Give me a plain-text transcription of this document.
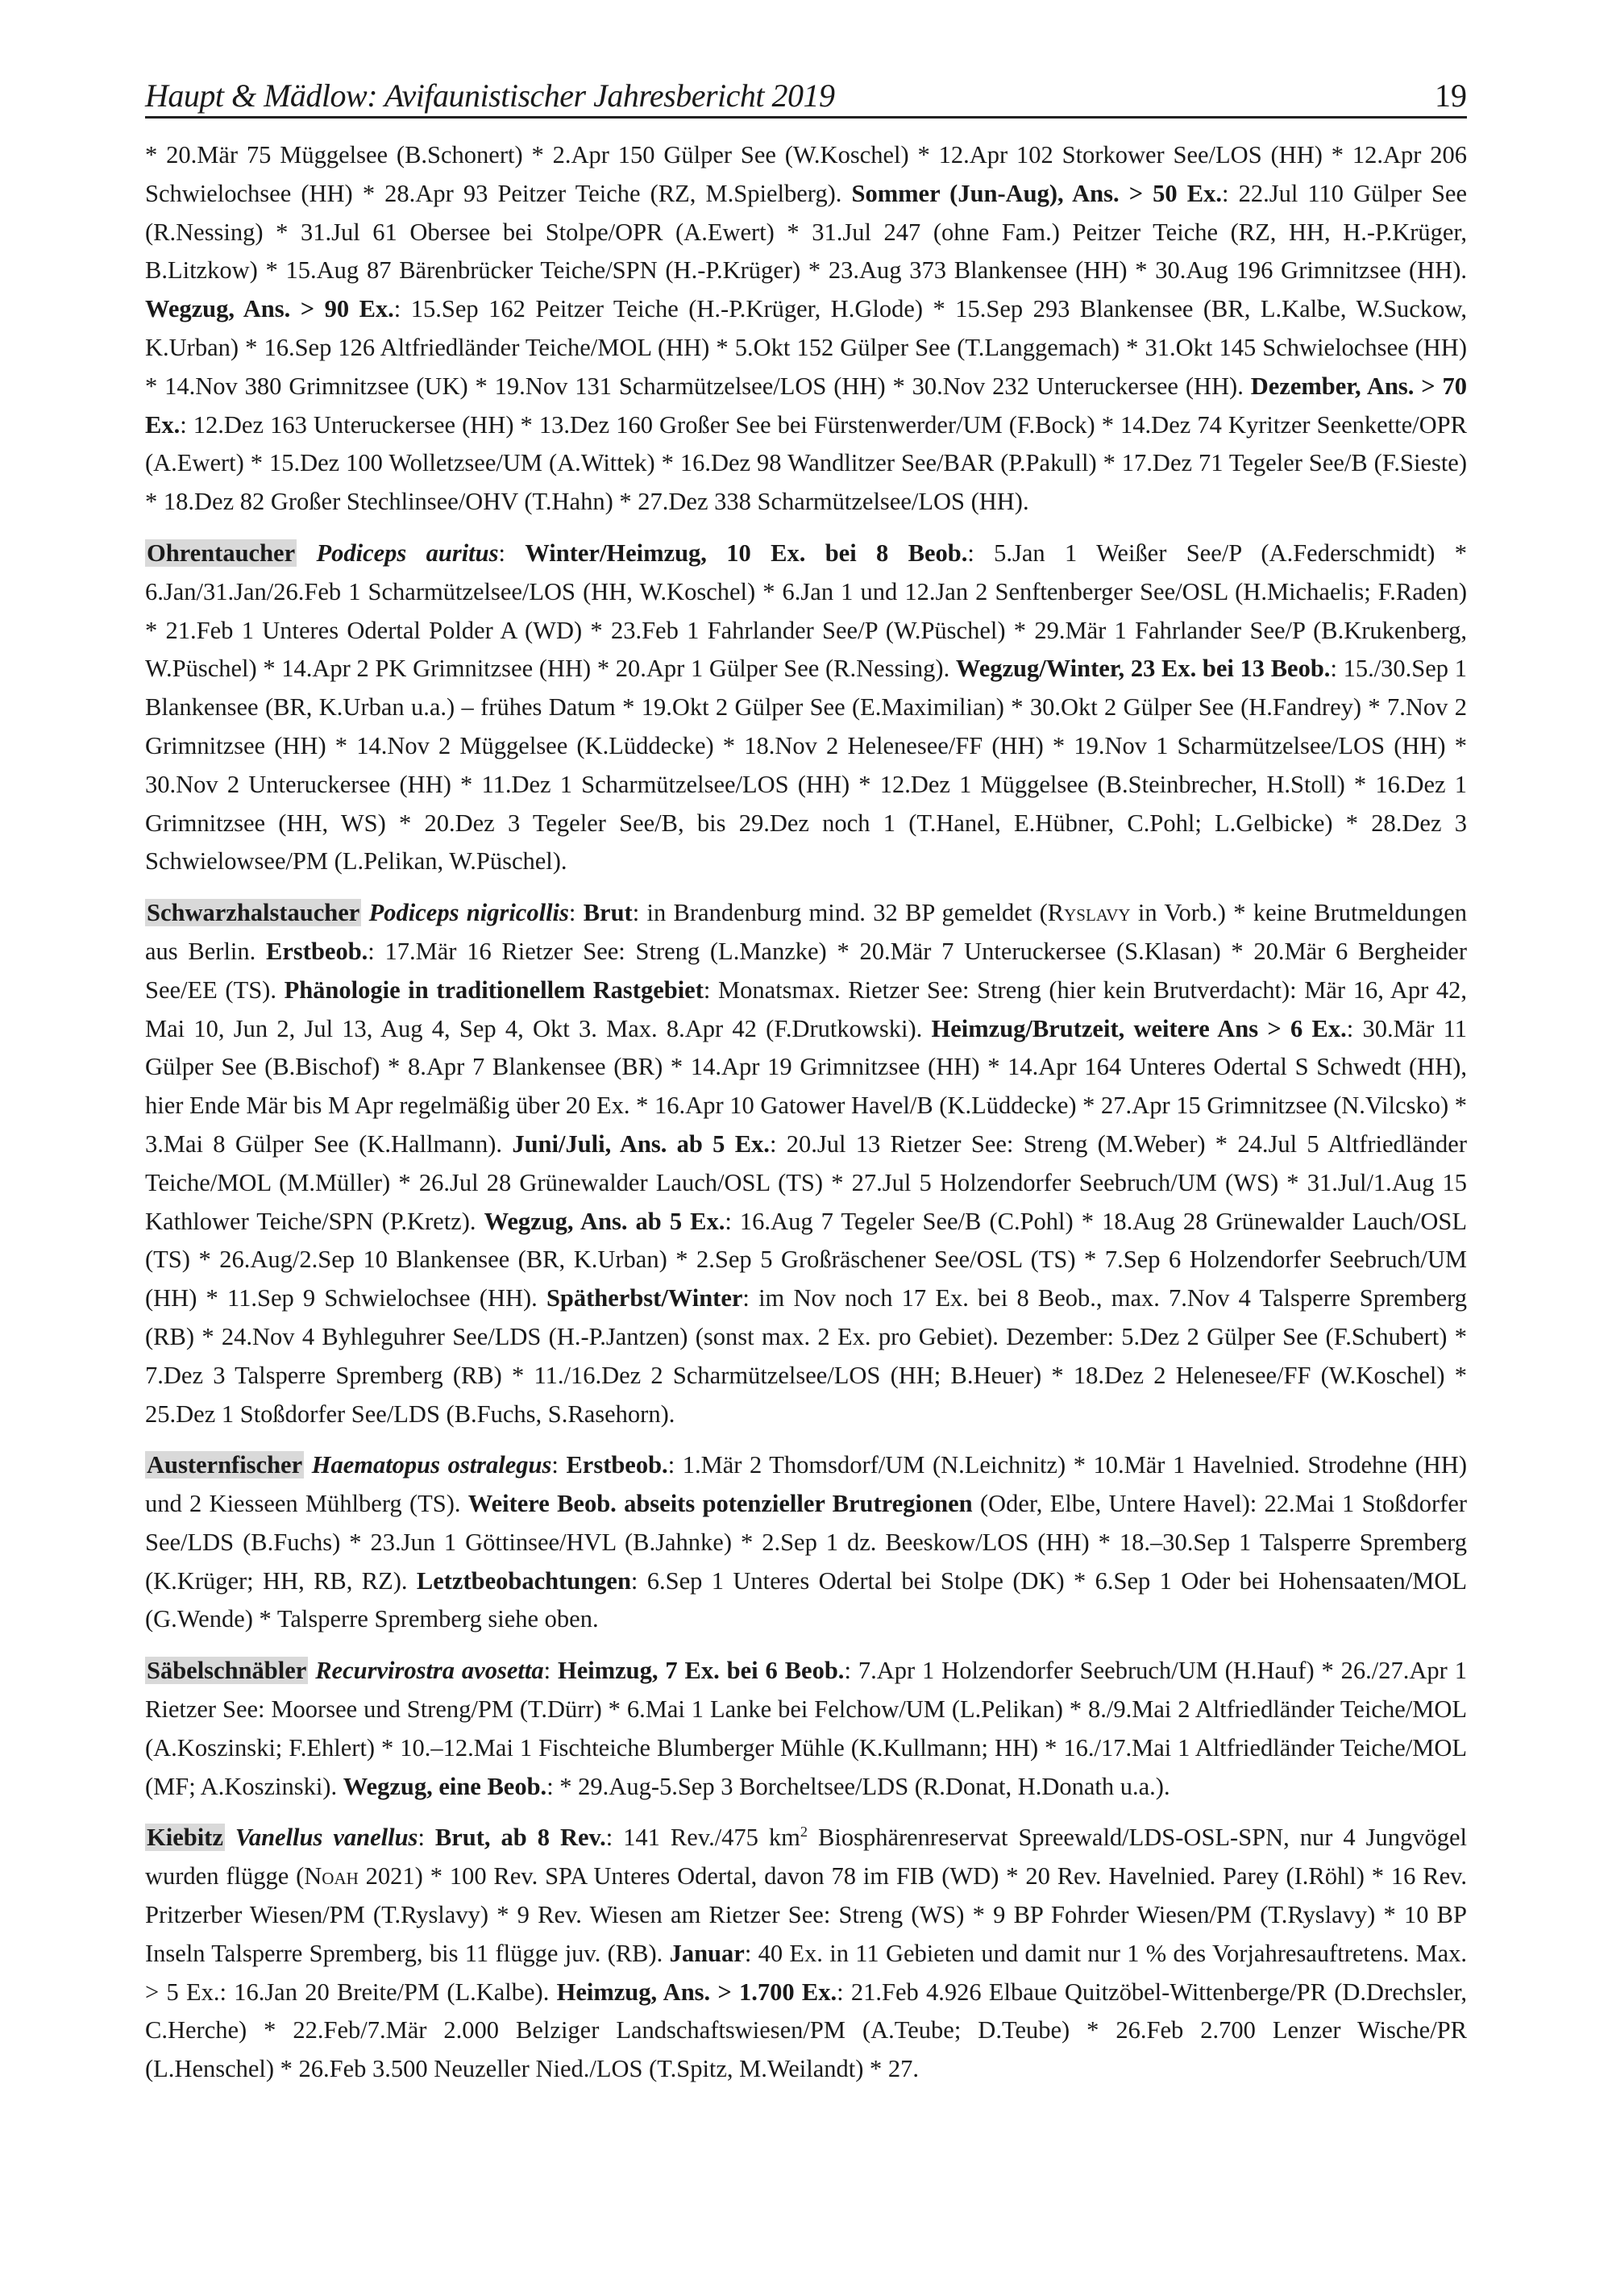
Haupt & Mädlow: Avifaunistischer Jahresbericht 2019	19

* 20.Mär 75 Müggelsee (B.Schonert) * 2.Apr 150 Gülper See (W.Koschel) * 12.Apr 102 Storkower See/LOS (HH) * 12.Apr 206 Schwielochsee (HH) * 28.Apr 93 Peitzer Teiche (RZ, M.Spielberg). Sommer (Jun-Aug), Ans. > 50 Ex.: 22.Jul 110 Gülper See (R.Nessing) * 31.Jul 61 Obersee bei Stolpe/OPR (A.Ewert) * 31.Jul 247 (ohne Fam.) Peitzer Teiche (RZ, HH, H.-P.Krüger, B.Litzkow) * 15.Aug 87 Bärenbrücker Teiche/SPN (H.-P.Krüger) * 23.Aug 373 Blankensee (HH) * 30.Aug 196 Grimnitzsee (HH). Wegzug, Ans. > 90 Ex.: 15.Sep 162 Peitzer Teiche (H.-P.Krüger, H.Glode) * 15.Sep 293 Blankensee (BR, L.Kalbe, W.Suckow, K.Urban) * 16.Sep 126 Altfriedländer Teiche/MOL (HH) * 5.Okt 152 Gülper See (T.Langgemach) * 31.Okt 145 Schwielochsee (HH) * 14.Nov 380 Grimnitzsee (UK) * 19.Nov 131 Scharmützelsee/LOS (HH) * 30.Nov 232 Unteruckersee (HH). Dezember, Ans. > 70 Ex.: 12.Dez 163 Unteruckersee (HH) * 13.Dez 160 Großer See bei Fürstenwerder/UM (F.Bock) * 14.Dez 74 Kyritzer Seenkette/OPR (A.Ewert) * 15.Dez 100 Wolletzsee/UM (A.Wittek) * 16.Dez 98 Wandlitzer See/BAR (P.Pakull) * 17.Dez 71 Tegeler See/B (F.Sieste) * 18.Dez 82 Großer Stechlinsee/OHV (T.Hahn) * 27.Dez 338 Scharmützelsee/LOS (HH).

Ohrentaucher Podiceps auritus: Winter/Heimzug, 10 Ex. bei 8 Beob.: 5.Jan 1 Weißer See/P (A.Federschmidt) * 6.Jan/31.Jan/26.Feb 1 Scharmützelsee/LOS (HH, W.Koschel) * 6.Jan 1 und 12.Jan 2 Senftenberger See/OSL (H.Michaelis; F.Raden) * 21.Feb 1 Unteres Odertal Polder A (WD) * 23.Feb 1 Fahrlander See/P (W.Püschel) * 29.Mär 1 Fahrlander See/P (B.Krukenberg, W.Püschel) * 14.Apr 2 PK Grimnitzsee (HH) * 20.Apr 1 Gülper See (R.Nessing). Wegzug/Winter, 23 Ex. bei 13 Beob.: 15./30.Sep 1 Blankensee (BR, K.Urban u.a.) – frühes Datum * 19.Okt 2 Gülper See (E.Maximilian) * 30.Okt 2 Gülper See (H.Fandrey) * 7.Nov 2 Grimnitzsee (HH) * 14.Nov 2 Müggelsee (K.Lüddecke) * 18.Nov 2 Helenesee/FF (HH) * 19.Nov 1 Scharmützelsee/LOS (HH) * 30.Nov 2 Unteruckersee (HH) * 11.Dez 1 Scharmützelsee/LOS (HH) * 12.Dez 1 Müggelsee (B.Steinbrecher, H.Stoll) * 16.Dez 1 Grimnitzsee (HH, WS) * 20.Dez 3 Tegeler See/B, bis 29.Dez noch 1 (T.Hanel, E.Hübner, C.Pohl; L.Gelbicke) * 28.Dez 3 Schwielowsee/PM (L.Pelikan, W.Püschel).

Schwarzhalstaucher Podiceps nigricollis: Brut: in Brandenburg mind. 32 BP gemeldet (Ryslavy in Vorb.) * keine Brutmeldungen aus Berlin. Erstbeob.: 17.Mär 16 Rietzer See: Streng (L.Manzke) * 20.Mär 7 Unteruckersee (S.Klasan) * 20.Mär 6 Bergheider See/EE (TS). Phänologie in traditionellem Rastgebiet: Monatsmax. Rietzer See: Streng (hier kein Brutverdacht): Mär 16, Apr 42, Mai 10, Jun 2, Jul 13, Aug 4, Sep 4, Okt 3. Max. 8.Apr 42 (F.Drutkowski). Heimzug/Brutzeit, weitere Ans > 6 Ex.: 30.Mär 11 Gülper See (B.Bischof) * 8.Apr 7 Blankensee (BR) * 14.Apr 19 Grimnitzsee (HH) * 14.Apr 164 Unteres Odertal S Schwedt (HH), hier Ende Mär bis M Apr regelmäßig über 20 Ex. * 16.Apr 10 Gatower Havel/B (K.Lüddecke) * 27.Apr 15 Grimnitzsee (N.Vilcsko) * 3.Mai 8 Gülper See (K.Hallmann). Juni/Juli, Ans. ab 5 Ex.: 20.Jul 13 Rietzer See: Streng (M.Weber) * 24.Jul 5 Altfriedländer Teiche/MOL (M.Müller) * 26.Jul 28 Grünewalder Lauch/OSL (TS) * 27.Jul 5 Holzendorfer Seebruch/UM (WS) * 31.Jul/1.Aug 15 Kathlower Teiche/SPN (P.Kretz). Wegzug, Ans. ab 5 Ex.: 16.Aug 7 Tegeler See/B (C.Pohl) * 18.Aug 28 Grünewalder Lauch/OSL (TS) * 26.Aug/2.Sep 10 Blankensee (BR, K.Urban) * 2.Sep 5 Großräschener See/OSL (TS) * 7.Sep 6 Holzendorfer Seebruch/UM (HH) * 11.Sep 9 Schwielochsee (HH). Spätherbst/Winter: im Nov noch 17 Ex. bei 8 Beob., max. 7.Nov 4 Talsperre Spremberg (RB) * 24.Nov 4 Byhleguhrer See/LDS (H.-P.Jantzen) (sonst max. 2 Ex. pro Gebiet). Dezember: 5.Dez 2 Gülper See (F.Schubert) * 7.Dez 3 Talsperre Spremberg (RB) * 11./16.Dez 2 Scharmützelsee/LOS (HH; B.Heuer) * 18.Dez 2 Helenesee/FF (W.Koschel) * 25.Dez 1 Stoßdorfer See/LDS (B.Fuchs, S.Rasehorn).

Austernfischer Haematopus ostralegus: Erstbeob.: 1.Mär 2 Thomsdorf/UM (N.Leichnitz) * 10.Mär 1 Havelnied. Strodehne (HH) und 2 Kiesseen Mühlberg (TS). Weitere Beob. abseits potenzieller Brutregionen (Oder, Elbe, Untere Havel): 22.Mai 1 Stoßdorfer See/LDS (B.Fuchs) * 23.Jun 1 Göttinsee/HVL (B.Jahnke) * 2.Sep 1 dz. Beeskow/LOS (HH) * 18.–30.Sep 1 Talsperre Spremberg (K.Krüger; HH, RB, RZ). Letztbeobachtungen: 6.Sep 1 Unteres Odertal bei Stolpe (DK) * 6.Sep 1 Oder bei Hohensaaten/MOL (G.Wende) * Talsperre Spremberg siehe oben.

Säbelschnäbler Recurvirostra avosetta: Heimzug, 7 Ex. bei 6 Beob.: 7.Apr 1 Holzendorfer Seebruch/UM (H.Hauf) * 26./27.Apr 1 Rietzer See: Moorsee und Streng/PM (T.Dürr) * 6.Mai 1 Lanke bei Felchow/UM (L.Pelikan) * 8./9.Mai 2 Altfriedländer Teiche/MOL (A.Koszinski; F.Ehlert) * 10.–12.Mai 1 Fischteiche Blumberger Mühle (K.Kullmann; HH) * 16./17.Mai 1 Altfriedländer Teiche/MOL (MF; A.Koszinski). Wegzug, eine Beob.: * 29.Aug-5.Sep 3 Borcheltsee/LDS (R.Donat, H.Donath u.a.).

Kiebitz Vanellus vanellus: Brut, ab 8 Rev.: 141 Rev./475 $km^2$ Biosphärenreservat Spreewald/LDS-OSL-SPN, nur 4 Jungvögel wurden flügge (Noah 2021) * 100 Rev. SPA Unteres Odertal, davon 78 im FIB (WD) * 20 Rev. Havelnied. Parey (I.Röhl) * 16 Rev. Pritzerber Wiesen/PM (T.Ryslavy) * 9 Rev. Wiesen am Rietzer See: Streng (WS) * 9 BP Fohrder Wiesen/PM (T.Ryslavy) * 10 BP Inseln Talsperre Spremberg, bis 11 flügge juv. (RB). Januar: 40 Ex. in 11 Gebieten und damit nur 1 % des Vorjahresauftretens. Max. > 5 Ex.: 16.Jan 20 Breite/PM (L.Kalbe). Heimzug, Ans. > 1.700 Ex.: 21.Feb 4.926 Elbaue Quitzöbel-Wittenberge/PR (D.Drechsler, C.Herche) * 22.Feb/7.Mär 2.000 Belziger Landschaftswiesen/PM (A.Teube; D.Teube) * 26.Feb 2.700 Lenzer Wische/PR (L.Henschel) * 26.Feb 3.500 Neuzeller Nied./LOS (T.Spitz, M.Weilandt) * 27.
